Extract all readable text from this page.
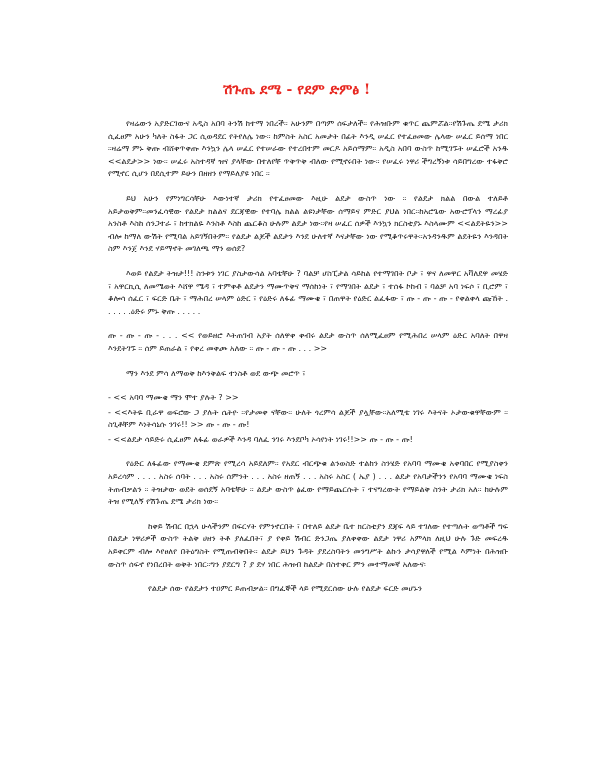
ሽጉጤ ደሜ - የደም ድምፅ !

የዛሬውን አያድርገውና አዲስ አበባ ትንሽ ከተማ ነበረች። አሁንም በጣም ሰፍታለች። የሕዝቡም ቁጥር ጨምሯል።የሽጉጤ ደሜ ታሪክ ሲፈፀም አሁን ካለት ስፋት ጋር ሲወዳደር የትየለሌ ነው። ከምስት አስር አመታት በፊት እንዲ ሠፈር የተፈፀመው ሌላው ሠፈር ይሰማ ነበር ።ዛሬማ ምኑ ቅጡ ብሸቀጥቀጡ እንኳን ሌላ ሠፈር የተሠራው የተረበተም መርዶ አይሰማም። አዲስ አበባ ውስጥ ከሚገኙት ሠፈሮች አንዱ <<ልደታ>> ነው። ሠፈሩ አስተዳኛ ዝና ያላቸው በተለየቸ ጥቅጥቅ ብለው የሚኖሩበት ነው። የሠፈሩ ነዋሪ ችግረኝነቱ ሳይበግረው ተፋቅሮ የሚኖር ሲሆን በደሲተም ይሁን በዘዘን የማይለያዩ ነበር ።

ይህ አሁን የምነግርሳቸሁ እውነተኛ ታሪክ የተፈፀመው እዚሁ ልደታ ውስጥ ነው ። የልደታ ክልል በውል ተለይቶ አይታወቅም።መንፈሳዊው የልደታ ክልልና ደርጃዊው የተባሌ ክልል ልዩነታቸው ሰማይና ምድር ያህል ነበር።ከአሮጌው አውሮፕላን ማረፊያ አንስቶ እስከ ሰንጋተራ ፣ ከተክልዬ እንስቶ እስከ ጨርቆስ ሁሉም ልደታ ነው።የዛ ሠፈር ሰዎች እንኳን ክርስቲያኑ እስላሙም <<ልደትዬን>> ብሎ ከማለ ውሽት የሚባል አይገኝበትም። የልደታ ልጆች ልደታን እንደ ሁለተኛ እናታቸው ነው የሚቆጥሩዋት።አንዳንዱም ልደትዬን እንዳበት ስም እንጀ እንደ ሃይማኖት መገለጫ ማን ወሰደ?

እወይ የልደታ ትዝታ!!! ስንቱን ነገር ያስታውሳል አባቴቸሁ ? ባልቻ ሆስፒታል ሳይከል የተማገበት ቦታ ፣ ዋና ለመዋር አቫለደዋ መሄድ ፣ አዋርኪሲ ለመሜወት እሸዋ ሜዳ ፣ ተምቀቶ ልደታን ማሙጥቅና ማሰከነት ፣ የማገበት ልደታ ፣ ተሰፋ ኮከብ ፣ ባልቻ አባ ነፍሶ ፣ ቢሮም ፣ ቆሎሳ ሰፈር ፣ ፍርድ ቤት ፣ ማሕበረ ሠላም ዕድር ፣ የዕድሩ ለፋፊ ማሙቄ ፣ በጠዋት የዕድር ልፈፋው ፣ ጡ - ጡ - ጡ - የቀልቀላ ጩኸት . . . . . .ዕድሩ ምኑ ቅጡ . . . . .

ጡ - ጡ - ጡ - . . . << የወይዘሮ እትጠገብ አያት ሰለዋቀ ቀብሩ ልደታ ውስጥ ሰለሚፈፀም የሚሕበረ ሠላም ዕድር አባለት በዋዛ እንደትገኙ ። ሰም ይጠራል ፣ የቀረ መቀጮ አለው ። ጡ - ጡ - ጡ . . . >>

ማን እንደ ምሳ ለማወቅ ከእንቅልፍ ተነስቶ ወደ ውጭ መሮጥ ፣

- << አባባ ማሙቄ ማን ሞተ ያሉት ? >>

- <<እትዬ ቢራዋ ወፍሮው ጋ ያሉት ሴትዮ ።የታመቀ ናቸው። ሁለት ጎረምሳ ልጆች ያሏቸው።አለሚቴ ነገሩ እትናት ኦታውቁዋቸውም ። ስጊቶቸም እነትሳኒሱ ንገሩ!! >> ጡ - ጡ - ጡ!

- <<ልደታ ሳይድሩ ሲፈፀም ለፋፊ ወራዎች እንዳ ባለፈ ንገሩ እንደቦካ ኦሳየነት ነገሩ!!>> ጡ - ጡ - ጡ!

የዕድር ለፋፊው የማሙቄ ደምጽ የሚረሳ አይደለም። የአደር ብርጭቁ ልንወስድ ተልከን ስንሄድ የአባባ ማሙቄ አቀባበር የሚያስቀን አይረሳም . . . . አስሩ ሰባት . . . አስሩ ሰምንት . . . አስሩ ዘጠኝ . . . አስሩ አስር ( ኤያ ) . . . ልደታ የአባታችንን የአባባ ማሙቄ ነፍስ ትጠብቃልን ። ትዝታው ወደት ወሰደኝ አባቴቸሁ ። ልደታ ውስጥ ፅፈው የማይጨርሱት ፣ ተናግረውት የማይልቅ ስንት ታሪክ አለ። ከሁሉም ትዝ የሚለኝ የሽጉጤ ደሜ ታሪክ ነው።

ከቀይ ሽብር በኋላ ሁላችንም በፍርሃት የምንኖርበት ፣ በተለይ ልደታ ቤተ ክርስቲያን ደጃፍ ላይ ተገለው የተጣሉት ወጣቶች ግፍ በልደታ ነዋሪዎች ውስጥ ትልቅ ሀዘን ትቶ ያለፈበት፣ ያ የቀይ ሽብር ድንጋጤ ያለቀቀው ልደታ ነዋሪ አምላክ ለዚህ ሁሉ ጉድ መፍረዱ አይቀርም ብሎ እየፀለየ በትዕግስት የሚጠብቅበት። ልደታ ይህን ጉዳት ያደረስባትን መንግሥት ልኩን ታሳያዋለች የሚል እምነት በሕዝቡ ውስጥ ሰፍኖ የነበረበት ወቅት ነበር።ግን ያደርግ ? ያ ደሃ ነበር ሕዝብ ከልደታ በስተቀር ምን መተማመኛ አለውና፡

የልደታ ሰው የልደታን ተዐምር ይጠብቃል። በግፈኞች ላይ የሚደርሰው ሁሉ የልደታ ፍርድ መሆኑን
